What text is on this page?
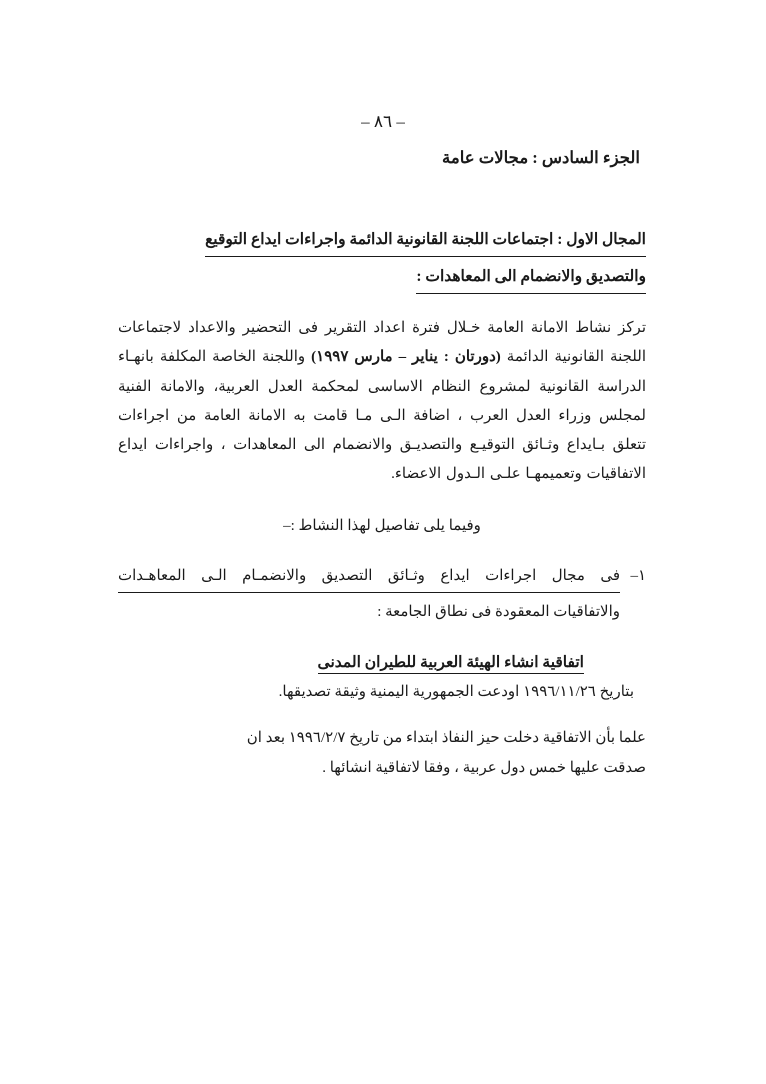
– ٨٦ –
الجزء السادس : مجالات عامة
المجال الاول : اجتماعات اللجنة القانونية الدائمة واجراءات ايداع التوقيع
والتصديق والانضمام الى المعاهدات :

تركز نشاط الامانة العامة خـلال فترة اعداد التقرير فى التحضير والاعداد لاجتماعات اللجنة القانونية الدائمة (دورتان : يناير – مارس ١٩٩٧) واللجنة الخاصة المكلفة بانهـاء الدراسة القانونية لمشروع النظام الاساسى لمحكمة العدل العربية، والامانة الفنية لمجلس وزراء العدل العرب ، اضافة الـى مـا قامت به الامانة العامة من اجراءات تتعلق بـايداع وثـائق التوقيـع والتصديـق والانضمام الى المعاهدات ، واجراءات ايداع الاتفاقيات وتعميمهـا علـى الـدول الاعضاء.

وفيما يلى تفاصيل لهذا النشاط :–
١–
فى مجال اجراءات ايداع وثـائق التصديق والانضمـام الـى المعاهـدات
والاتفاقيات المعقودة فى نطاق الجامعة :
اتفاقية انشاء الهيئة العربية للطيران المدنى
بتاريخ ١٩٩٦/١١/٢٦ اودعت الجمهورية اليمنية وثيقة تصديقها.
علما بأن الاتفاقية دخلت حيز النفاذ ابتداء من تاريخ ١٩٩٦/٢/٧ بعد ان
صدقت عليها خمس دول عربية ، وفقا لاتفاقية انشائها .
